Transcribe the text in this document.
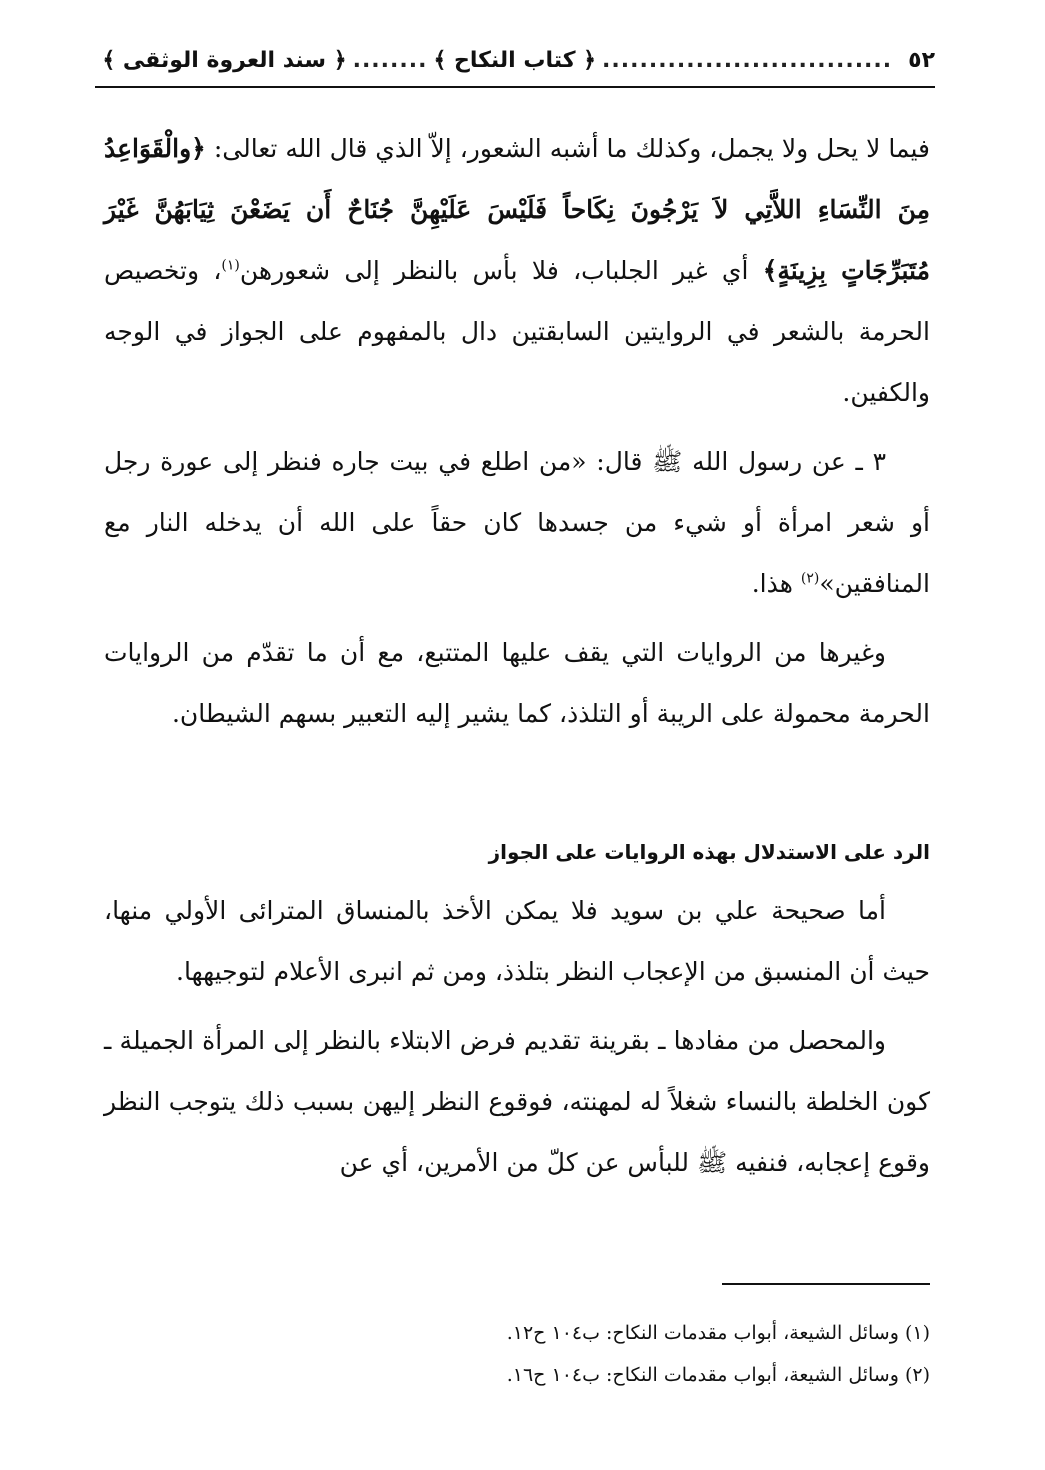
٥٢
...............................
﴿ كتاب النكاح ﴾
........
﴿ سند العروة الوثقى ﴾

فيما لا يحل ولا يجمل، وكذلك ما أشبه الشعور، إلاّ الذي قال الله تعالى: ﴿والْقَوَاعِدُ مِنَ النِّسَاءِ اللاَّتِي لاَ يَرْجُونَ نِكَاحاً فَلَيْسَ عَلَيْهِنَّ جُنَاحٌ أَن يَضَعْنَ ثِيَابَهُنَّ غَيْرَ مُتَبَرِّجَاتٍ بِزِينَةٍ﴾ أي غير الجلباب، فلا بأس بالنظر إلى شعورهن$^{(١)}$، وتخصيص الحرمة بالشعر في الروايتين السابقتين دال بالمفهوم على الجواز في الوجه والكفين.

٣ ـ عن رسول الله ﷺ قال: «من اطلع في بيت جاره فنظر إلى عورة رجل أو شعر امرأة أو شيء من جسدها كان حقاً على الله أن يدخله النار مع المنافقين»$^{(٢)}$ هذا.

وغيرها من الروايات التي يقف عليها المتتبع، مع أن ما تقدّم من الروايات الحرمة محمولة على الريبة أو التلذذ، كما يشير إليه التعبير بسهم الشيطان.

الرد على الاستدلال بهذه الروايات على الجواز

أما صحيحة علي بن سويد فلا يمكن الأخذ بالمنساق المترائى الأولي منها، حيث أن المنسبق من الإعجاب النظر بتلذذ، ومن ثم انبرى الأعلام لتوجيهها.

والمحصل من مفادها ـ بقرينة تقديم فرض الابتلاء بالنظر إلى المرأة الجميلة ـ كون الخلطة بالنساء شغلاً له لمهنته، فوقوع النظر إليهن بسبب ذلك يتوجب النظر وقوع إعجابه، فنفيه ﷺ للبأس عن كلّ من الأمرين، أي عن

(١) وسائل الشيعة، أبواب مقدمات النكاح: ب١٠٤ ح١٢.
(٢) وسائل الشيعة، أبواب مقدمات النكاح: ب١٠٤ ح١٦.
